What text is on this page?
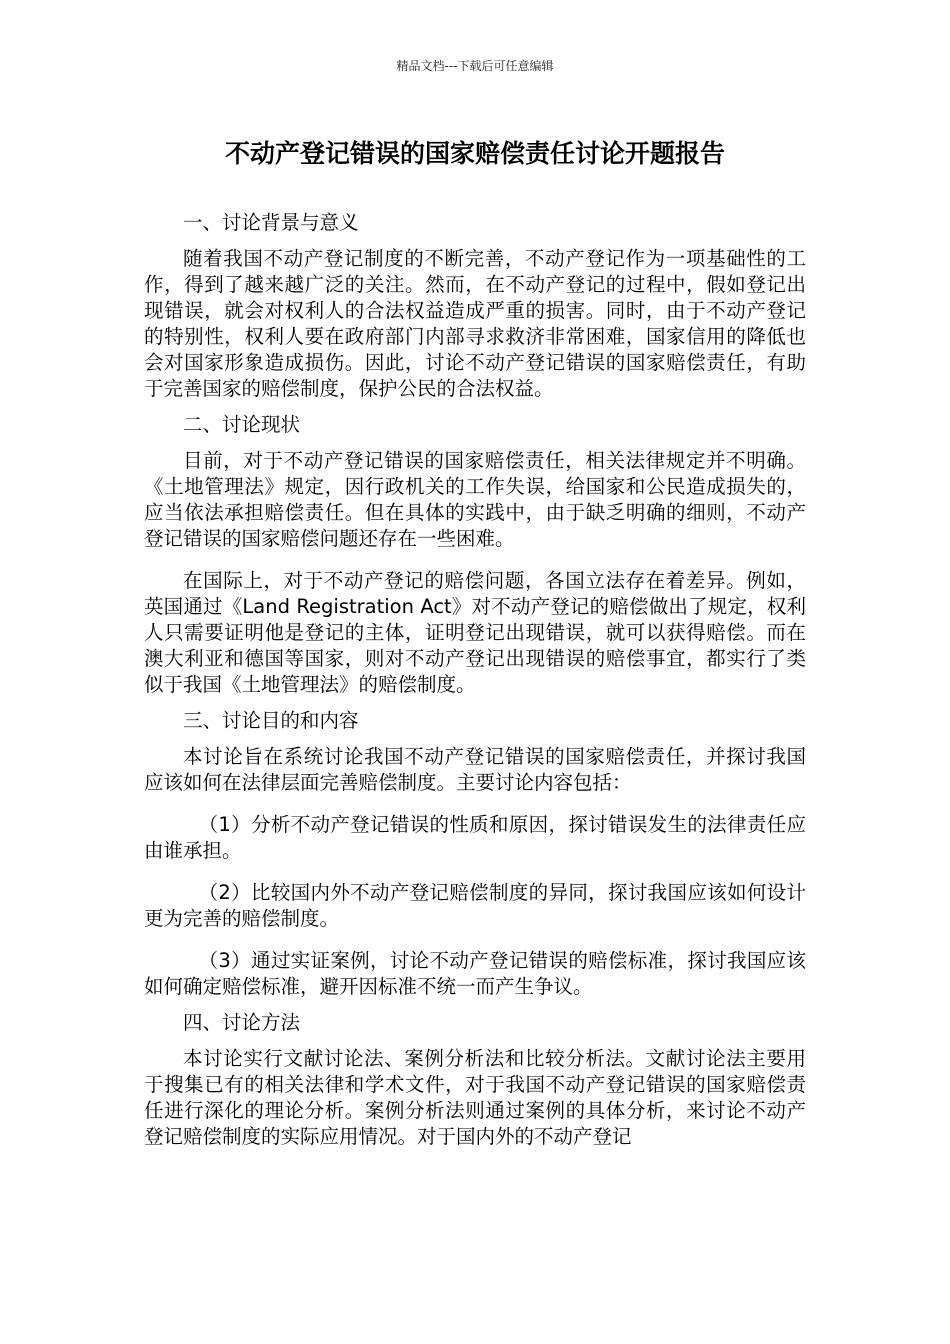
精品文档---下载后可任意编辑
不动产登记错误的国家赔偿责任讨论开题报告

一、讨论背景与意义

随着我国不动产登记制度的不断完善，不动产登记作为一项基础性的工作，得到了越来越广泛的关注。然而，在不动产登记的过程中，假如登记出现错误，就会对权利人的合法权益造成严重的损害。同时，由于不动产登记的特别性，权利人要在政府部门内部寻求救济非常困难，国家信用的降低也会对国家形象造成损伤。因此，讨论不动产登记错误的国家赔偿责任，有助于完善国家的赔偿制度，保护公民的合法权益。

二、讨论现状

目前，对于不动产登记错误的国家赔偿责任，相关法律规定并不明确。《土地管理法》规定，因行政机关的工作失误，给国家和公民造成损失的，应当依法承担赔偿责任。但在具体的实践中，由于缺乏明确的细则，不动产登记错误的国家赔偿问题还存在一些困难。

在国际上，对于不动产登记的赔偿问题，各国立法存在着差异。例如，英国通过《Land Registration Act》对不动产登记的赔偿做出了规定，权利人只需要证明他是登记的主体，证明登记出现错误，就可以获得赔偿。而在澳大利亚和德国等国家，则对不动产登记出现错误的赔偿事宜，都实行了类似于我国《土地管理法》的赔偿制度。

三、讨论目的和内容

本讨论旨在系统讨论我国不动产登记错误的国家赔偿责任，并探讨我国应该如何在法律层面完善赔偿制度。主要讨论内容包括：

（1）分析不动产登记错误的性质和原因，探讨错误发生的法律责任应由谁承担。

（2）比较国内外不动产登记赔偿制度的异同，探讨我国应该如何设计更为完善的赔偿制度。

（3）通过实证案例，讨论不动产登记错误的赔偿标准，探讨我国应该如何确定赔偿标准，避开因标准不统一而产生争议。

四、讨论方法

本讨论实行文献讨论法、案例分析法和比较分析法。文献讨论法主要用于搜集已有的相关法律和学术文件，对于我国不动产登记错误的国家赔偿责任进行深化的理论分析。案例分析法则通过案例的具体分析，来讨论不动产登记赔偿制度的实际应用情况。对于国内外的不动产登记
